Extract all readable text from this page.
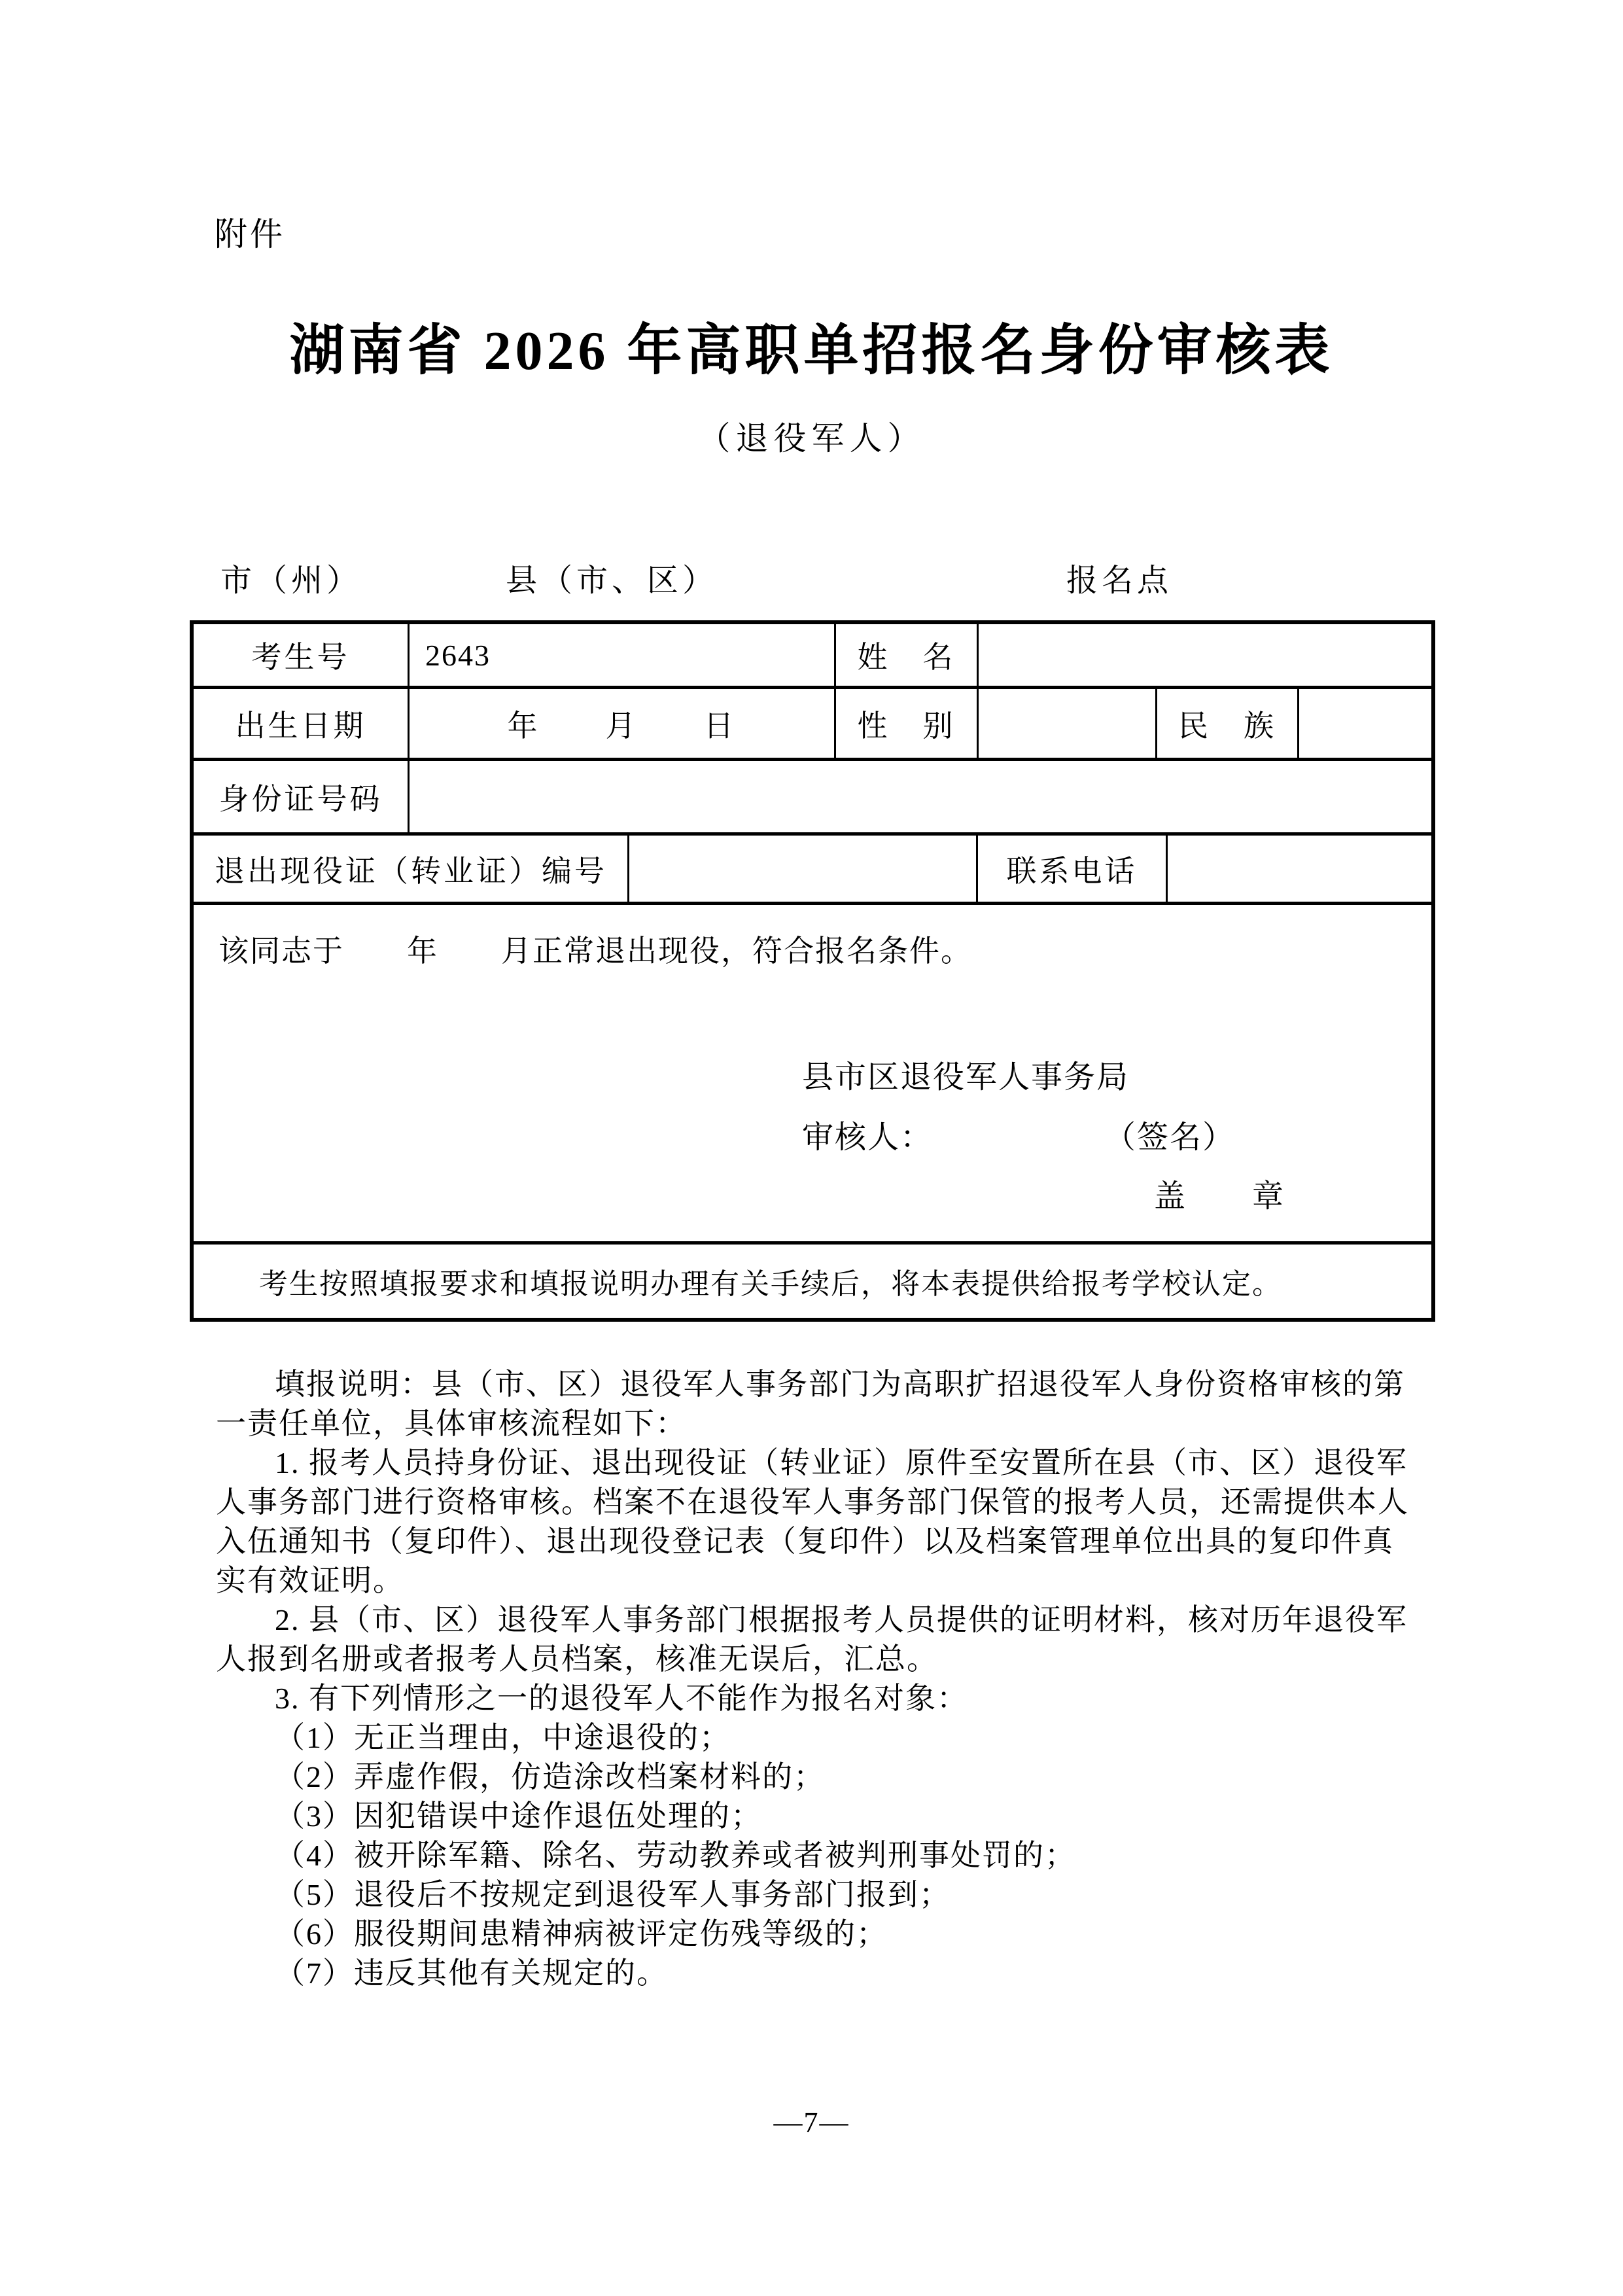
附件
湖南省 2026 年高职单招报名身份审核表
（退役军人）
市（州）	县（市、区）	报名点
考生号	2643	姓　名
出生日期	年　　月　　日	性　别	民　族
身份证号码
退出现役证（转业证）编号	联系电话
该同志于　　年　　月正常退出现役，符合报名条件。
县市区退役军人事务局
审核人：	（签名）
盖　　章
考生按照填报要求和填报说明办理有关手续后，将本表提供给报考学校认定。
填报说明：县（市、区）退役军人事务部门为高职扩招退役军人身份资格审核的第
一责任单位，具体审核流程如下：
1. 报考人员持身份证、退出现役证（转业证）原件至安置所在县（市、区）退役军
人事务部门进行资格审核。档案不在退役军人事务部门保管的报考人员，还需提供本人
入伍通知书（复印件）、退出现役登记表（复印件）以及档案管理单位出具的复印件真
实有效证明。
2. 县（市、区）退役军人事务部门根据报考人员提供的证明材料，核对历年退役军
人报到名册或者报考人员档案，核准无误后，汇总。
3. 有下列情形之一的退役军人不能作为报名对象：
（1）无正当理由，中途退役的；
（2）弄虚作假，仿造涂改档案材料的；
（3）因犯错误中途作退伍处理的；
（4）被开除军籍、除名、劳动教养或者被判刑事处罚的；
（5）退役后不按规定到退役军人事务部门报到；
（6）服役期间患精神病被评定伤残等级的；
（7）违反其他有关规定的。
—7—
